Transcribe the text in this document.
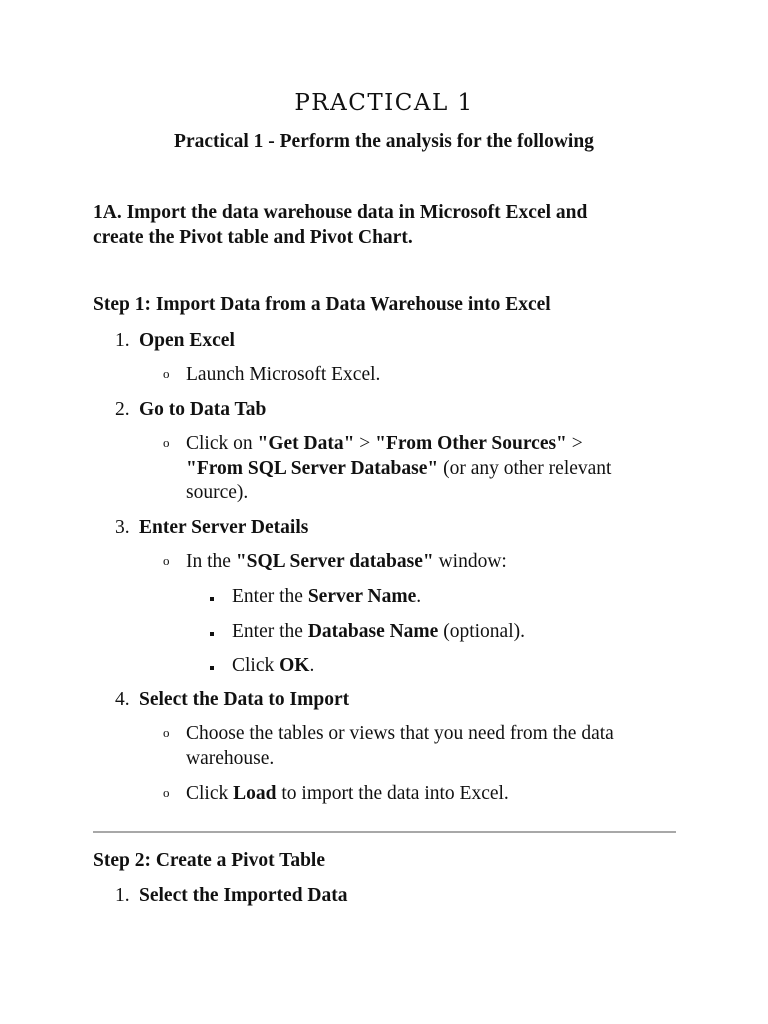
PRACTICAL 1
Practical 1 - Perform the analysis for the following
1A. Import the data warehouse data in Microsoft Excel and
create the Pivot table and Pivot Chart.
Step 1: Import Data from a Data Warehouse into Excel
1. Open Excel
o Launch Microsoft Excel.
2. Go to Data Tab
o Click on "Get Data" > "From Other Sources" >
"From SQL Server Database" (or any other relevant
source).
3. Enter Server Details
o In the "SQL Server database" window:
Enter the Server Name.
Enter the Database Name (optional).
Click OK.
4. Select the Data to Import
o Choose the tables or views that you need from the data
warehouse.
o Click Load to import the data into Excel.
Step 2: Create a Pivot Table
1. Select the Imported Data
